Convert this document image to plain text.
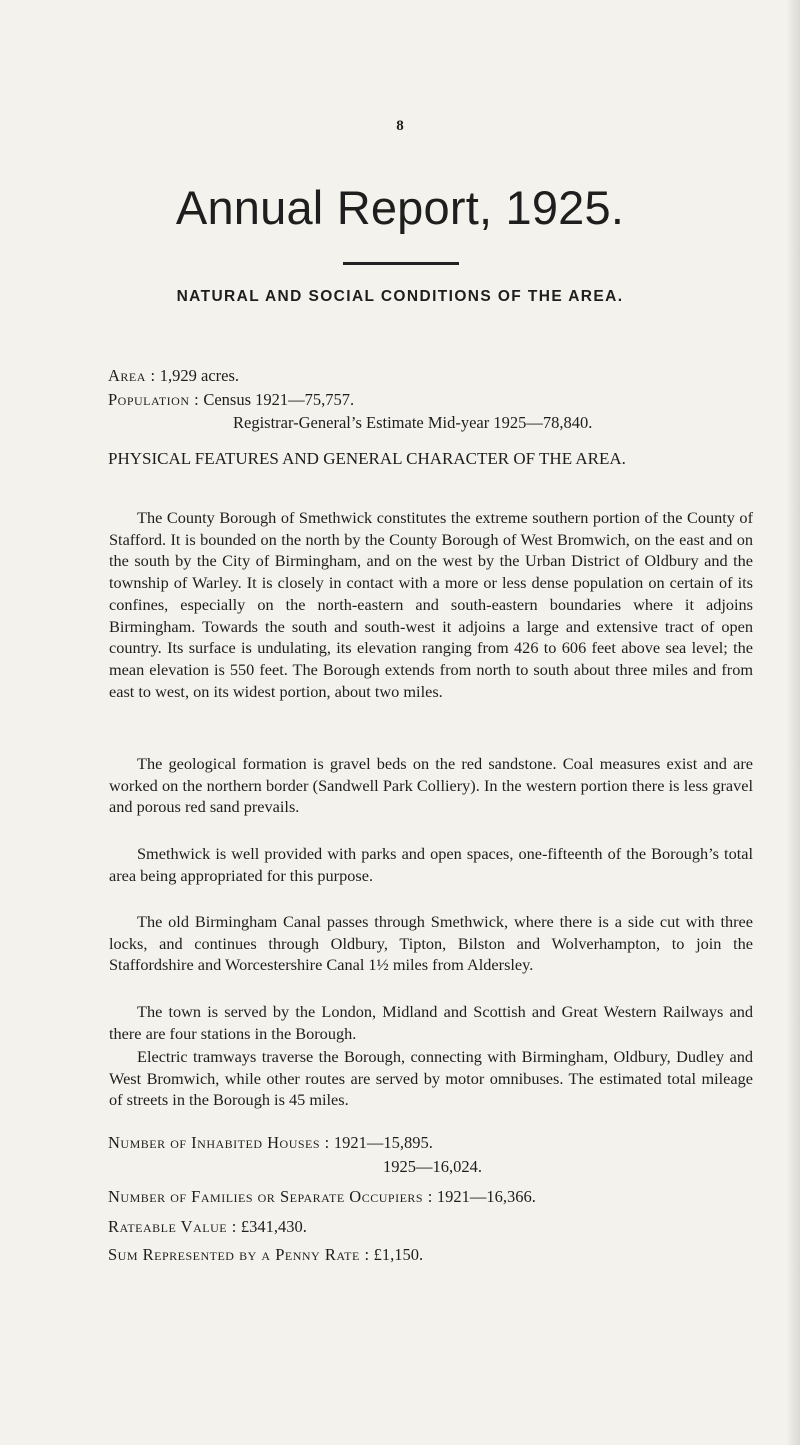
8
Annual Report, 1925.
NATURAL AND SOCIAL CONDITIONS OF THE AREA.
Area : 1,929 acres.
Population : Census 1921—75,757.
Registrar-General’s Estimate Mid-year 1925—78,840.
PHYSICAL FEATURES AND GENERAL CHARACTER OF THE AREA.

The County Borough of Smethwick constitutes the extreme southern portion of the County of Stafford. It is bounded on the north by the County Borough of West Bromwich, on the east and on the south by the City of Birmingham, and on the west by the Urban District of Oldbury and the township of Warley. It is closely in contact with a more or less dense population on certain of its confines, especially on the north-eastern and south-eastern boundaries where it adjoins Birmingham. Towards the south and south-west it adjoins a large and extensive tract of open country. Its surface is undulating, its elevation ranging from 426 to 606 feet above sea level; the mean elevation is 550 feet. The Borough extends from north to south about three miles and from east to west, on its widest portion, about two miles.

The geological formation is gravel beds on the red sandstone. Coal measures exist and are worked on the northern border (Sandwell Park Colliery). In the western portion there is less gravel and porous red sand prevails.

Smethwick is well provided with parks and open spaces, one-fifteenth of the Borough’s total area being appropriated for this purpose.

The old Birmingham Canal passes through Smethwick, where there is a side cut with three locks, and continues through Oldbury, Tipton, Bilston and Wolverhampton, to join the Staffordshire and Worcestershire Canal 1½ miles from Aldersley.

The town is served by the London, Midland and Scottish and Great Western Railways and there are four stations in the Borough.

Electric tramways traverse the Borough, connecting with Birmingham, Oldbury, Dudley and West Bromwich, while other routes are served by motor omnibuses. The estimated total mileage of streets in the Borough is 45 miles.

Number of Inhabited Houses : 1921—15,895.
1925—16,024.
Number of Families or Separate Occupiers : 1921—16,366.
Rateable Value : £341,430.
Sum Represented by a Penny Rate : £1,150.
